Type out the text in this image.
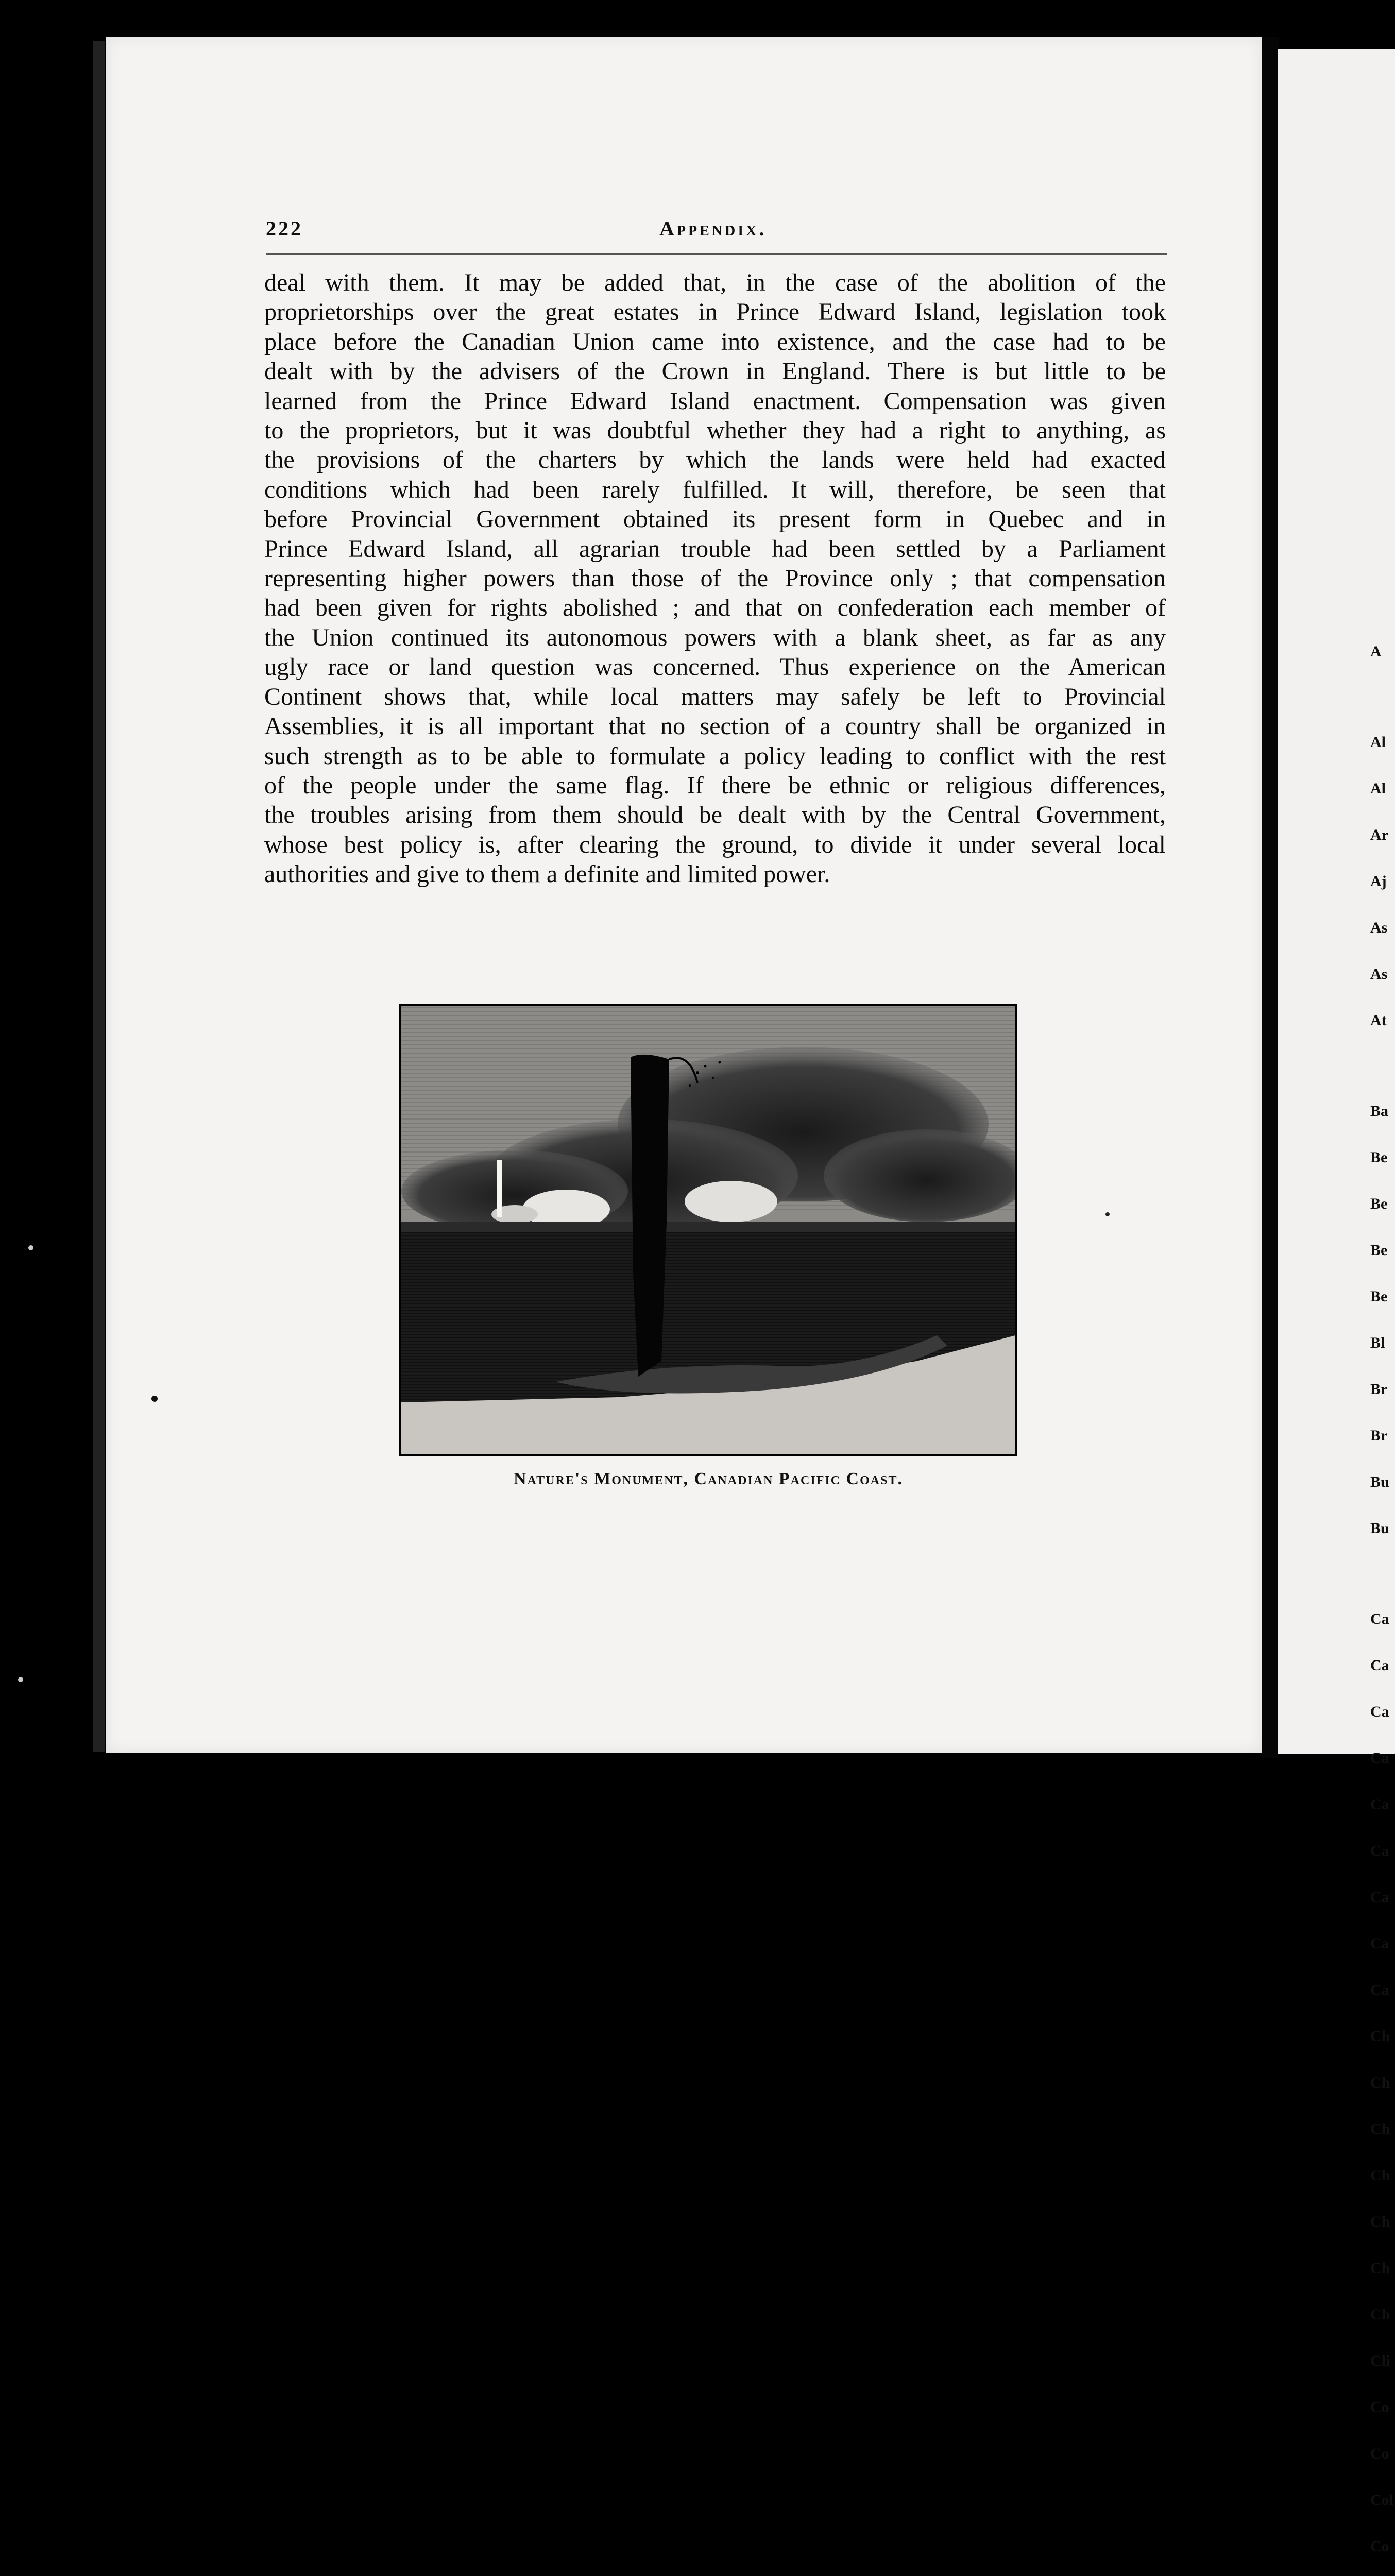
A

Al

Al

Ar

Aj

As

As

At

Ba

Be

Be

Be

Be

Bl

Br

Br

Bu

Bu

Ca

Ca

Ca

Ca

Ca

Ca

Ca

Ca

Ca

Ch

Ch

Ch

Ch

Ch

Ch

Ch

Cli

Co

Co

Col

Co

222	Appendix.
deal with them. It may be added that, in the case of the abolition of the
proprietorships over the great estates in Prince Edward Island, legislation took
place before the Canadian Union came into existence, and the case had to be
dealt with by the advisers of the Crown in England. There is but little to be
learned from the Prince Edward Island enactment. Compensation was given
to the proprietors, but it was doubtful whether they had a right to anything, as
the provisions of the charters by which the lands were held had exacted
conditions which had been rarely fulfilled. It will, therefore, be seen that
before Provincial Government obtained its present form in Quebec and in
Prince Edward Island, all agrarian trouble had been settled by a Parliament
representing higher powers than those of the Province only ; that compensation
had been given for rights abolished ; and that on confederation each member of
the Union continued its autonomous powers with a blank sheet, as far as any
ugly race or land question was concerned. Thus experience on the American
Continent shows that, while local matters may safely be left to Provincial
Assemblies, it is all important that no section of a country shall be organized in
such strength as to be able to formulate a policy leading to conflict with the rest
of the people under the same flag. If there be ethnic or religious differences,
the troubles arising from them should be dealt with by the Central Government,
whose best policy is, after clearing the ground, to divide it under several local
authorities and give to them a definite and limited power.
Nature's Monument, Canadian Pacific Coast.
